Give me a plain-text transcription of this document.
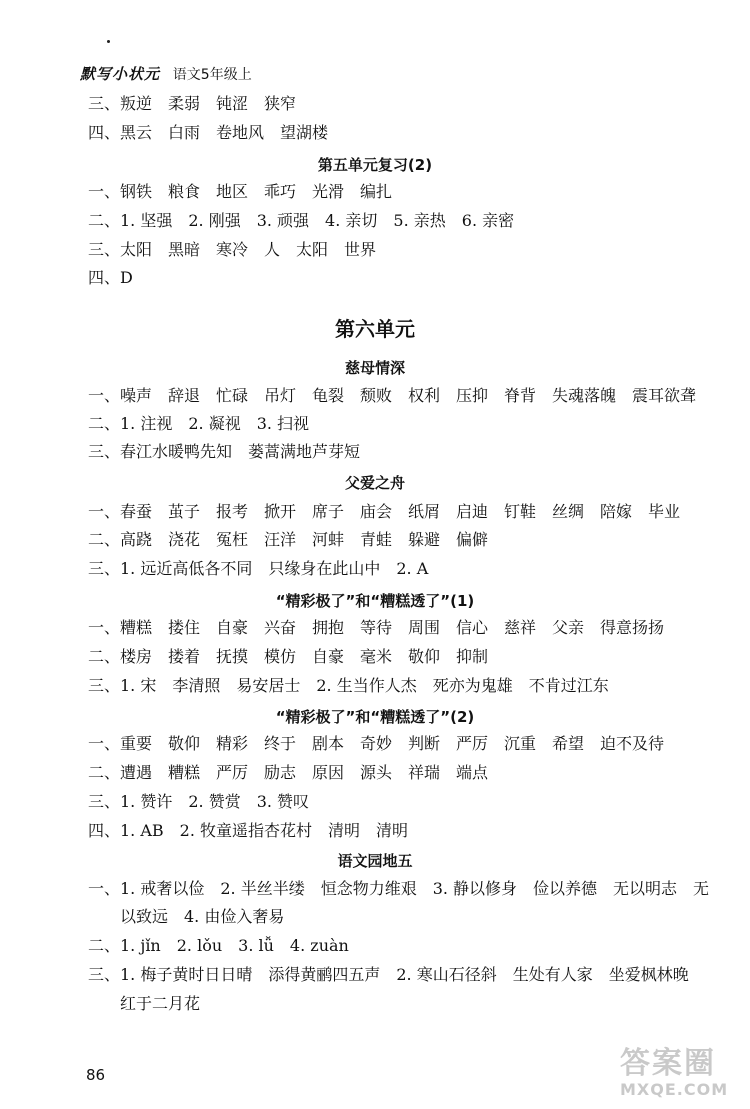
默写小状元 语文5年级上
三、叛逆　柔弱　钝涩　狭窄
四、黑云　白雨　卷地风　望湖楼
第五单元复习(2)
一、钢铁　粮食　地区　乖巧　光滑　编扎
二、1. 坚强　2. 刚强　3. 顽强　4. 亲切　5. 亲热　6. 亲密
三、太阳　黑暗　寒冷　人　太阳　世界
四、D
第六单元
慈母情深
一、噪声　辞退　忙碌　吊灯　龟裂　颓败　权利　压抑　脊背　失魂落魄　震耳欲聋
二、1. 注视　2. 凝视　3. 扫视
三、春江水暖鸭先知　蒌蒿满地芦芽短
父爱之舟
一、春蚕　茧子　报考　掀开　席子　庙会　纸屑　启迪　钉鞋　丝绸　陪嫁　毕业
二、高跷　浇花　冤枉　汪洋　河蚌　青蛙　躲避　偏僻
三、1. 远近高低各不同　只缘身在此山中　2. A
“精彩极了”和“糟糕透了”(1)
一、糟糕　搂住　自豪　兴奋　拥抱　等待　周围　信心　慈祥　父亲　得意扬扬
二、楼房　搂着　抚摸　模仿　自豪　毫米　敬仰　抑制
三、1. 宋　李清照　易安居士　2. 生当作人杰　死亦为鬼雄　不肯过江东
“精彩极了”和“糟糕透了”(2)
一、重要　敬仰　精彩　终于　剧本　奇妙　判断　严厉　沉重　希望　迫不及待
二、遭遇　糟糕　严厉　励志　原因　源头　祥瑞　端点
三、1. 赞许　2. 赞赏　3. 赞叹
四、1. AB　2. 牧童遥指杏花村　清明　清明
语文园地五
一、1. 戒奢以俭　2. 半丝半缕　恒念物力维艰　3. 静以修身　俭以养德　无以明志　无
以致远　4. 由俭入奢易
二、1. jǐn　2. lǒu　3. lǚ　4. zuàn
三、1. 梅子黄时日日晴　添得黄鹂四五声　2. 寒山石径斜　生处有人家　坐爱枫林晚
红于二月花
86	答案圈
MXQE.COM
